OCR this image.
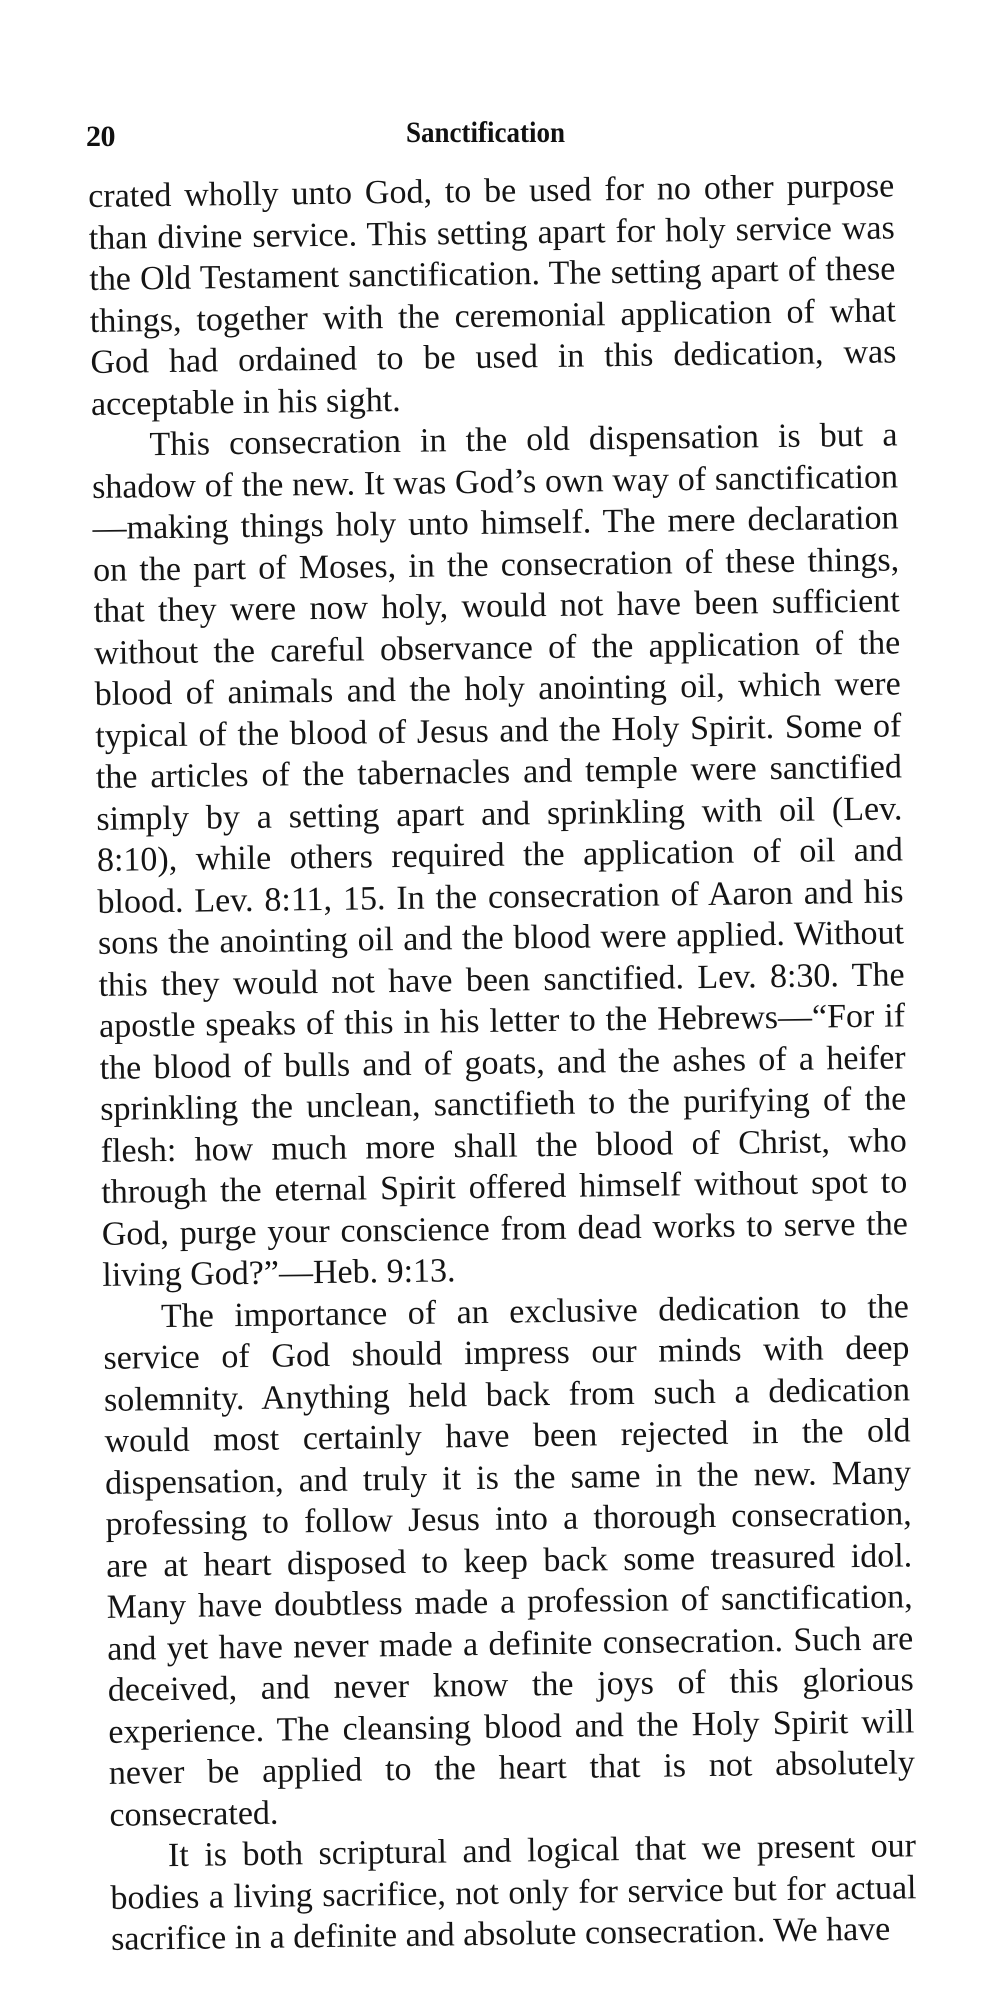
20	Sanctification

crated wholly unto God, to be used for no other purpose than divine service. This setting apart for holy service was the Old Testament sanctification. The setting apart of these things, together with the ceremonial application of what God had ordained to be used in this dedication, was acceptable in his sight.

This consecration in the old dispensation is but a shadow of the new. It was God’s own way of sanctification—making things holy unto himself. The mere declaration on the part of Moses, in the consecration of these things, that they were now holy, would not have been sufficient without the careful observance of the application of the blood of animals and the holy anointing oil, which were typical of the blood of Jesus and the Holy Spirit. Some of the articles of the tabernacles and temple were sanctified simply by a setting apart and sprinkling with oil (Lev. 8:10), while others required the application of oil and blood. Lev. 8:11, 15. In the consecration of Aaron and his sons the anointing oil and the blood were applied. Without this they would not have been sanctified. Lev. 8:30. The apostle speaks of this in his letter to the Hebrews—“For if the blood of bulls and of goats, and the ashes of a heifer sprinkling the unclean, sanctifieth to the purifying of the flesh: how much more shall the blood of Christ, who through the eternal Spirit offered himself without spot to God, purge your conscience from dead works to serve the living God?”—Heb. 9:13.

The importance of an exclusive dedication to the service of God should impress our minds with deep solemnity. Anything held back from such a dedication would most certainly have been rejected in the old dispensation, and truly it is the same in the new. Many professing to follow Jesus into a thorough consecration, are at heart disposed to keep back some treasured idol. Many have doubtless made a profession of sanctification, and yet have never made a definite consecration. Such are deceived, and never know the joys of this glorious experience. The cleansing blood and the Holy Spirit will never be applied to the heart that is not absolutely consecrated.

It is both scriptural and logical that we present our bodies a living sacrifice, not only for service but for actual sacrifice in a definite and absolute consecration. We have
